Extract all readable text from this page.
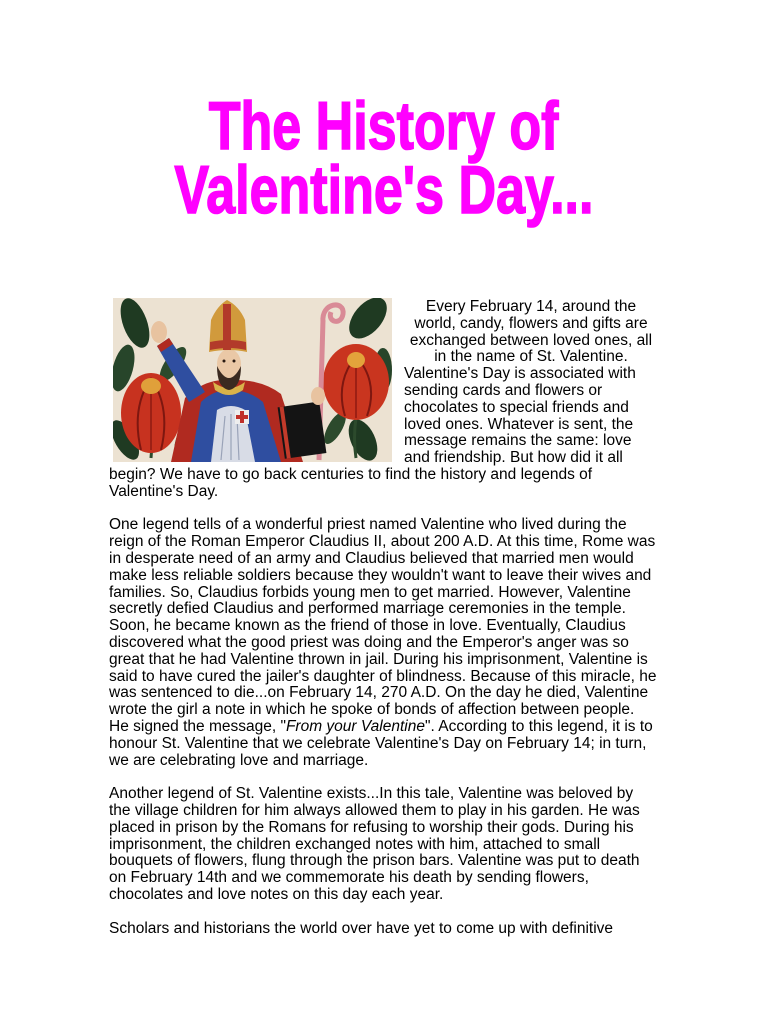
The History of
Valentine's Day...
Every February 14, around the
world, candy, flowers and gifts are
exchanged between loved ones, all
in the name of St. Valentine.
Valentine's Day is associated with
sending cards and flowers or
chocolates to special friends and
loved ones. Whatever is sent, the
message remains the same: love
and friendship. But how did it all
begin? We have to go back centuries to find the history and legends of
Valentine's Day.
One legend tells of a wonderful priest named Valentine who lived during the
reign of the Roman Emperor Claudius II, about 200 A.D. At this time, Rome was
in desperate need of an army and Claudius believed that married men would
make less reliable soldiers because they wouldn't want to leave their wives and
families. So, Claudius forbids young men to get married. However, Valentine
secretly defied Claudius and performed marriage ceremonies in the temple.
Soon, he became known as the friend of those in love. Eventually, Claudius
discovered what the good priest was doing and the Emperor's anger was so
great that he had Valentine thrown in jail. During his imprisonment, Valentine is
said to have cured the jailer's daughter of blindness. Because of this miracle, he
was sentenced to die...on February 14, 270 A.D. On the day he died, Valentine
wrote the girl a note in which he spoke of bonds of affection between people.
He signed the message, "From your Valentine". According to this legend, it is to
honour St. Valentine that we celebrate Valentine's Day on February 14; in turn,
we are celebrating love and marriage.
Another legend of St. Valentine exists...In this tale, Valentine was beloved by
the village children for him always allowed them to play in his garden. He was
placed in prison by the Romans for refusing to worship their gods. During his
imprisonment, the children exchanged notes with him, attached to small
bouquets of flowers, flung through the prison bars. Valentine was put to death
on February 14th and we commemorate his death by sending flowers,
chocolates and love notes on this day each year.
Scholars and historians the world over have yet to come up with definitive
